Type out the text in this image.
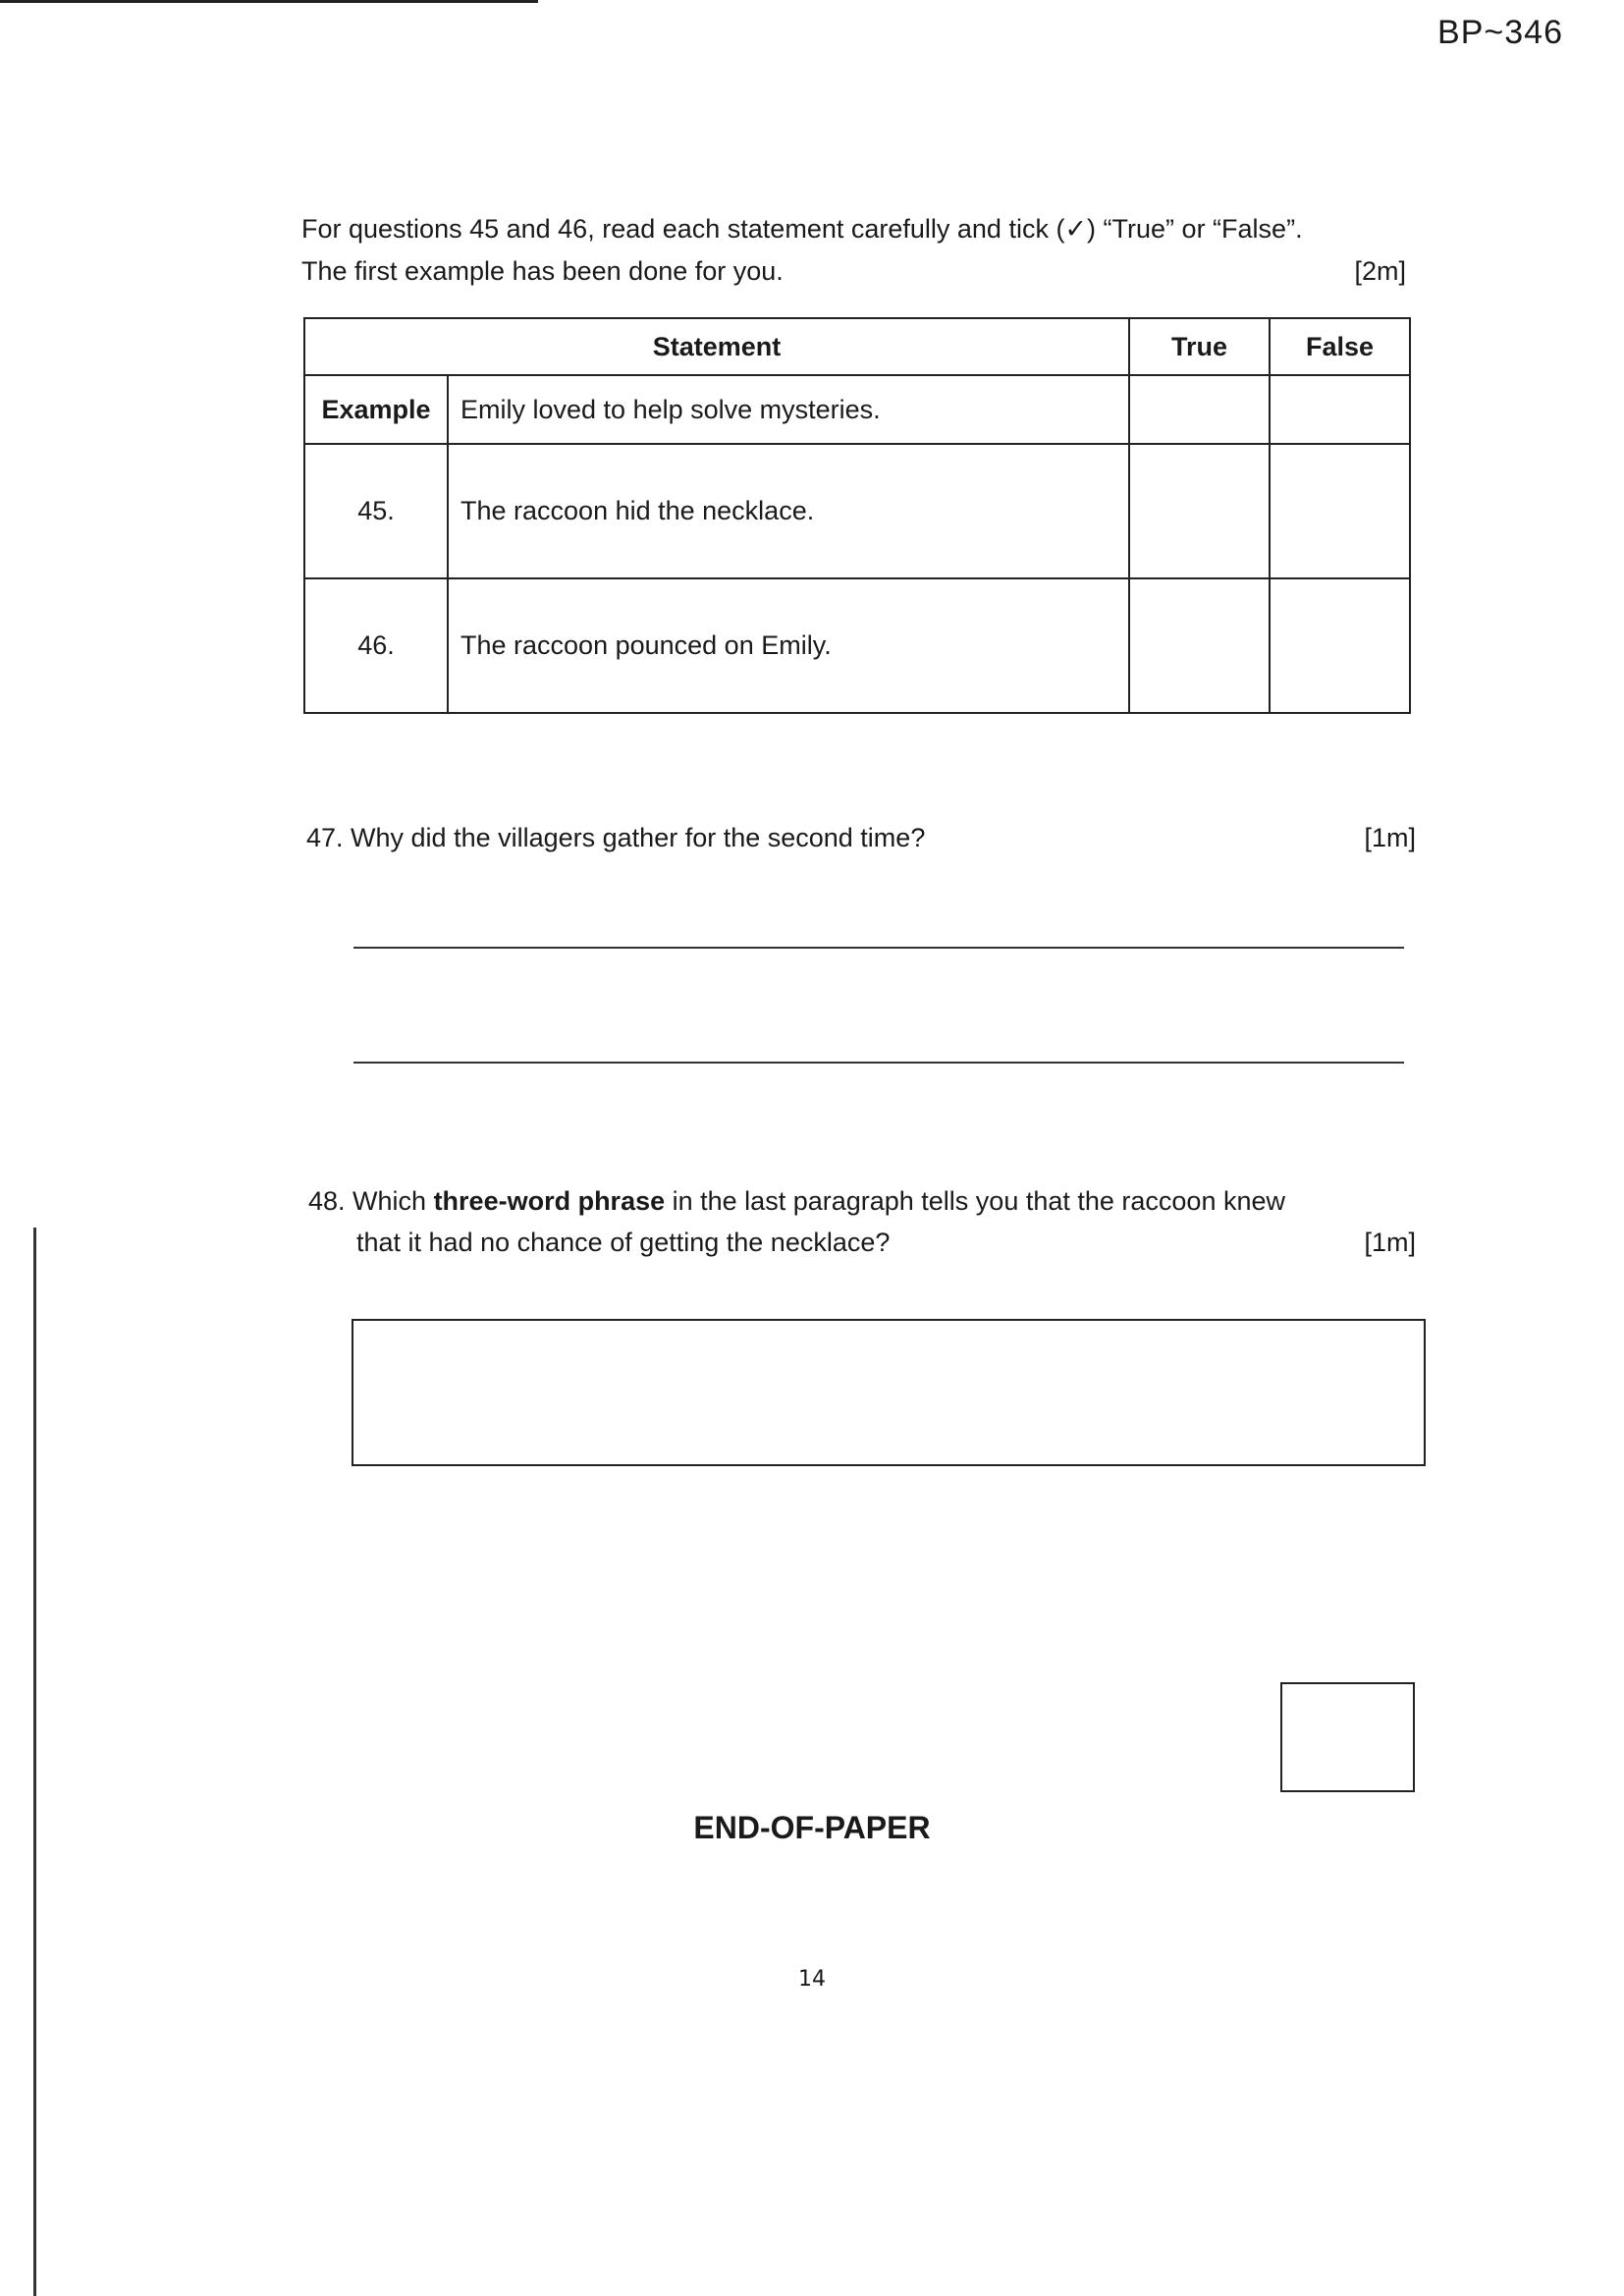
BP~346
For questions 45 and 46, read each statement carefully and tick (✓) “True” or “False”.
The first example has been done for you.	[2m]
Statement		True	False
Example	Emily loved to help solve mysteries.		
45.	The raccoon hid the necklace.		
46.	The raccoon pounced on Emily.		
47. Why did the villagers gather for the second time?	[1m]
48. Which three-word phrase in the last paragraph tells you that the raccoon knew
that it had no chance of getting the necklace?	[1m]
END-OF-PAPER
14
